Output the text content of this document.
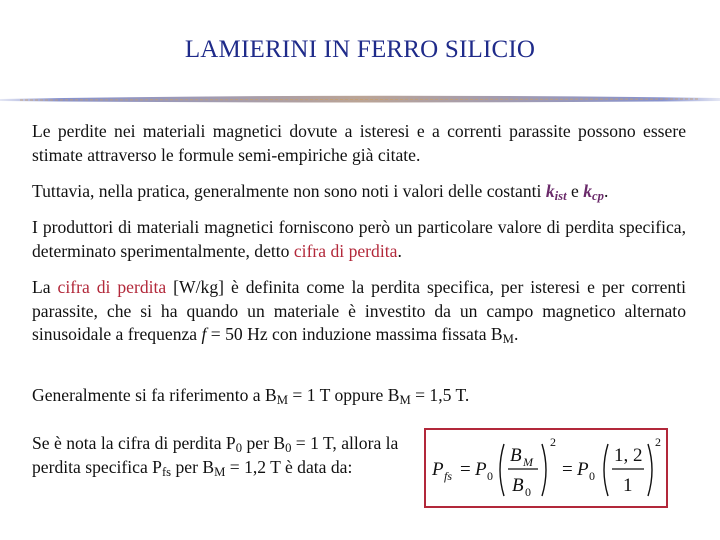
LAMIERINI IN FERRO SILICIO

Le perdite nei materiali magnetici dovute a isteresi e a correnti parassite possono essere stimate attraverso le formule semi-empiriche già citate.

Tuttavia, nella pratica, generalmente non sono noti i valori delle costanti $k_{ist}$ e $k_{cp}$.

I produttori di materiali magnetici forniscono però un particolare valore di perdita specifica, determinato sperimentalmente, detto cifra di perdita.

La cifra di perdita [W/kg] è definita come la perdita specifica, per isteresi e per correnti parassite, che si ha quando un materiale è investito da un campo magnetico alternato sinusoidale a frequenza f = 50 Hz con induzione massima fissata $B_M$.

Generalmente si fa riferimento a $B_M = 1$ T oppure $B_M = 1,5$ T.

Se è nota la cifra di perdita $P_0$ per $B_0 = 1$ T, allora la perdita specifica $P_{fs}$ per $B_M = 1,2$ T è data da:	P fs = P 0
B M
B 0
2
= P 0
1, 2
1
2
